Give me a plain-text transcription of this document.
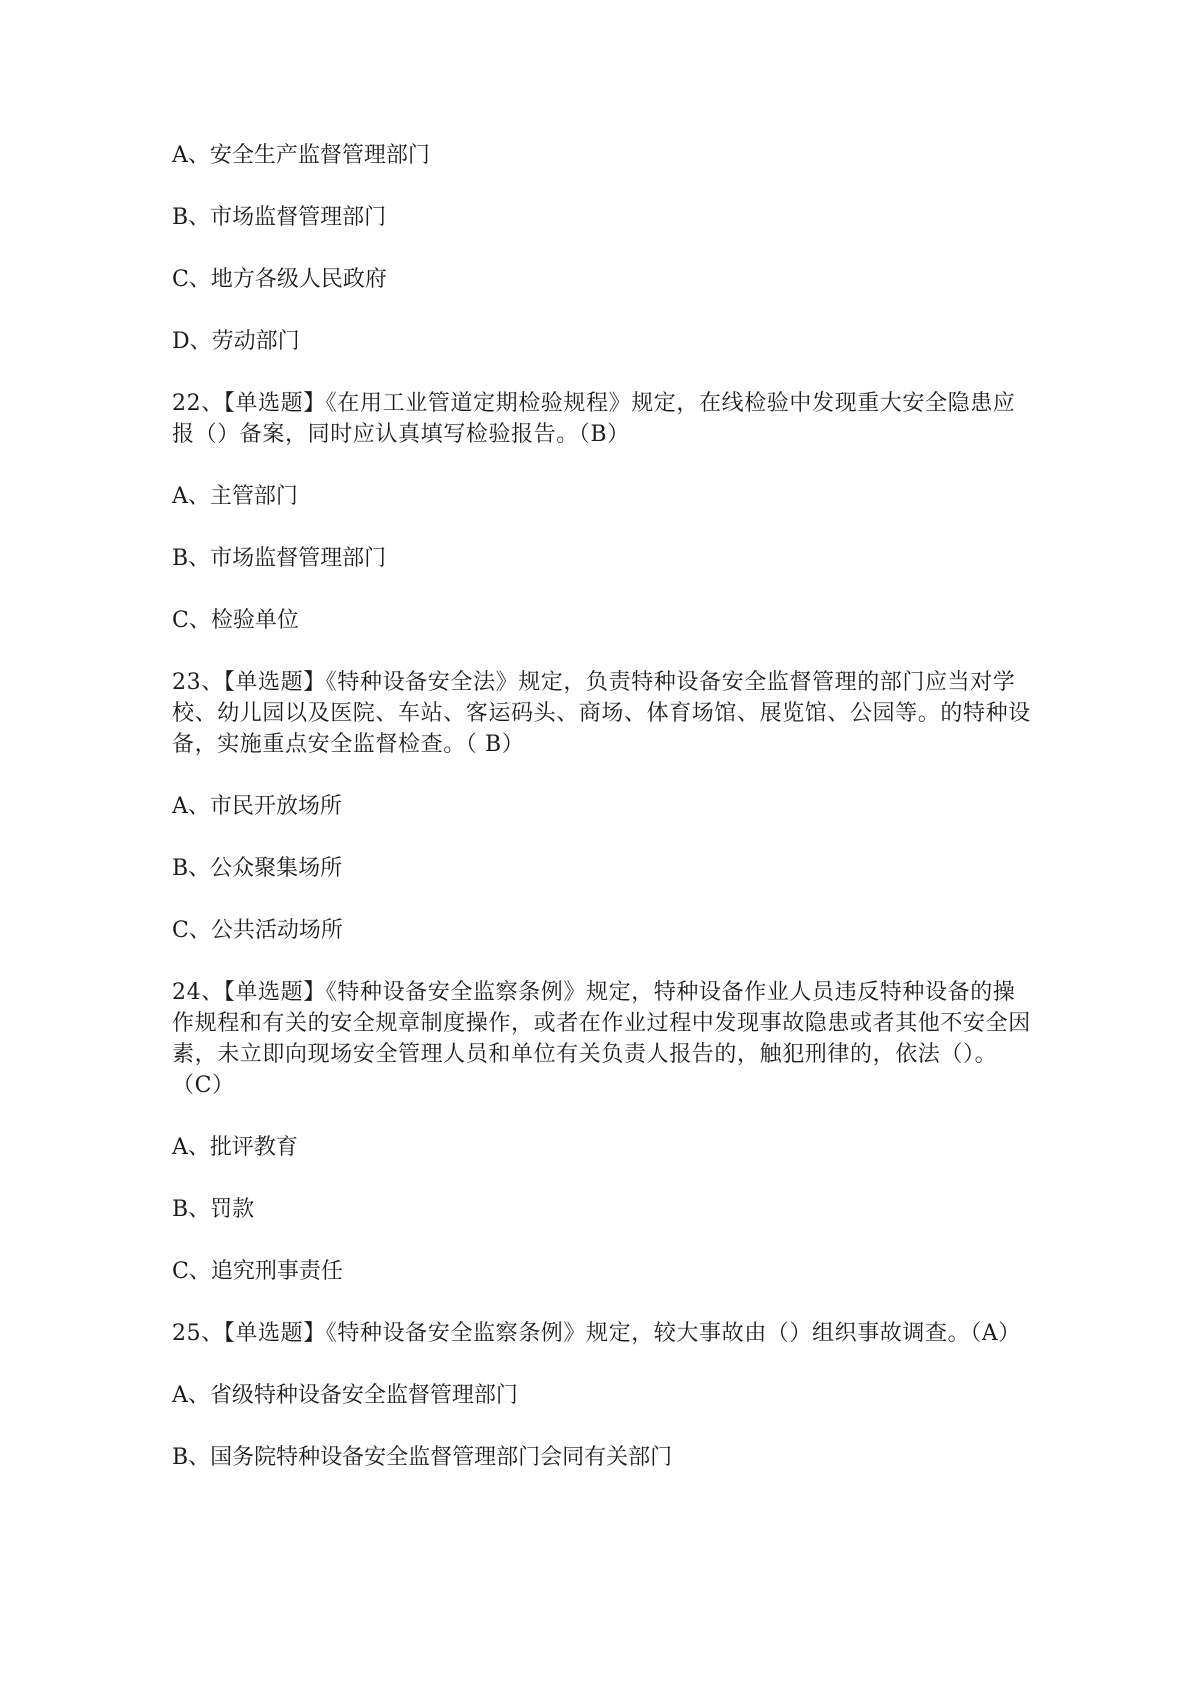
A、安全生产监督管理部门
B、市场监督管理部门
C、地方各级人民政府
D、劳动部门
22、【单选题】《在用工业管道定期检验规程》规定，在线检验中发现重大安全隐患应报（）备案，同时应认真填写检验报告。（B）
A、主管部门
B、市场监督管理部门
C、检验单位
23、【单选题】《特种设备安全法》规定，负责特种设备安全监督管理的部门应当对学校、幼儿园以及医院、车站、客运码头、商场、体育场馆、展览馆、公园等。的特种设备，实施重点安全监督检查。（ B）
A、市民开放场所
B、公众聚集场所
C、公共活动场所
24、【单选题】《特种设备安全监察条例》规定，特种设备作业人员违反特种设备的操作规程和有关的安全规章制度操作，或者在作业过程中发现事故隐患或者其他不安全因素，未立即向现场安全管理人员和单位有关负责人报告的，触犯刑律的，依法（）。（C）
A、批评教育
B、罚款
C、追究刑事责任
25、【单选题】《特种设备安全监察条例》规定，较大事故由（）组织事故调查。（A）
A、省级特种设备安全监督管理部门
B、国务院特种设备安全监督管理部门会同有关部门
